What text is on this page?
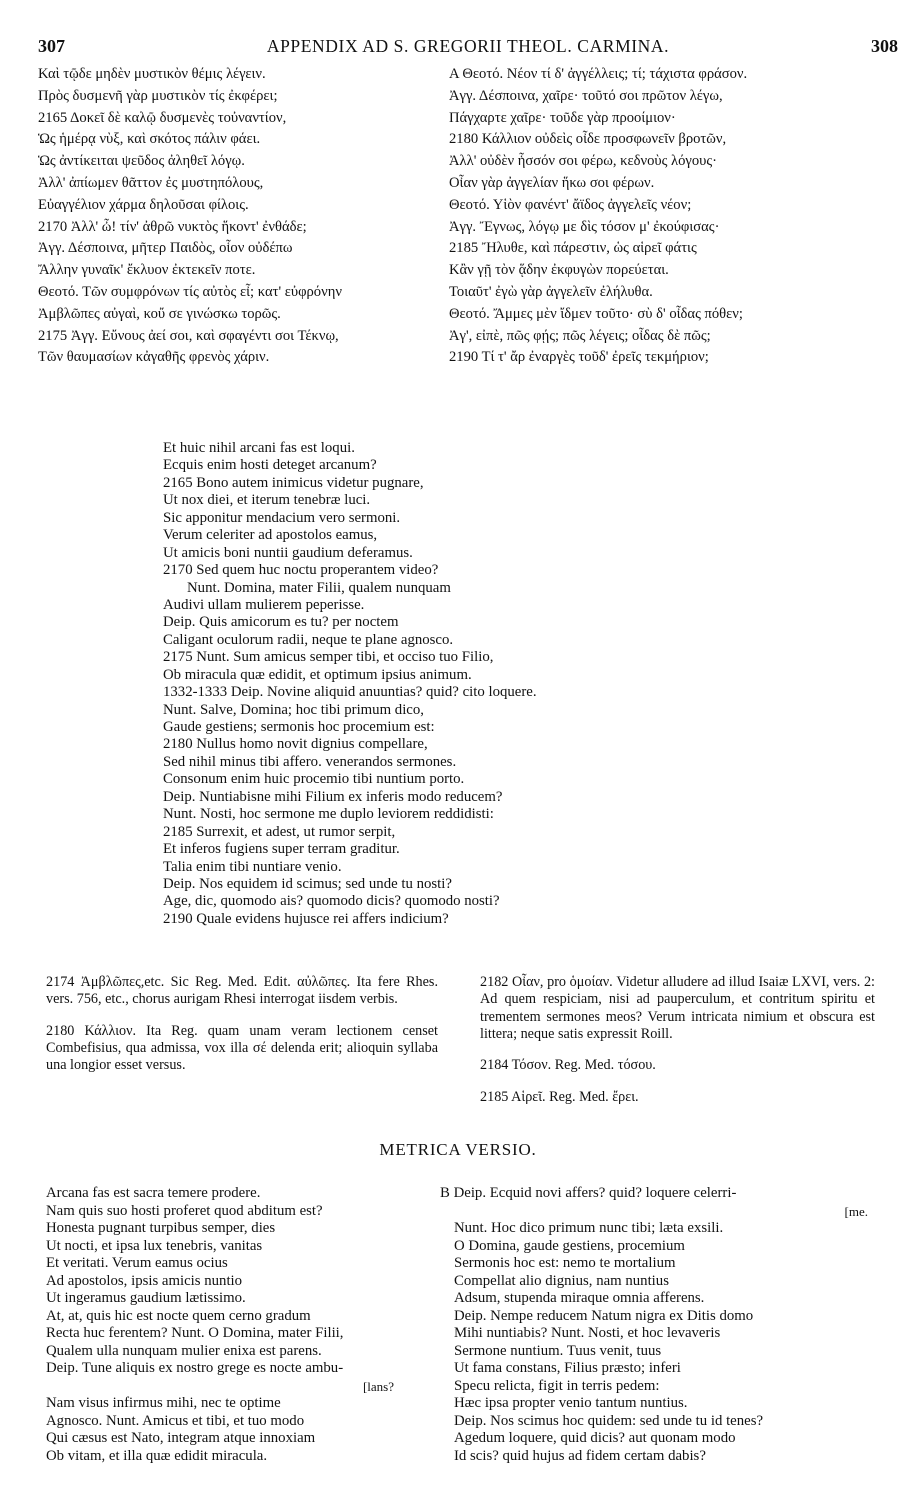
307	APPENDIX AD S. GREGORII THEOL. CARMINA.	308
Καὶ τῷδε μηδὲν μυστικὸν θέμις λέγειν.
Πρὸς δυσμενῆ γὰρ μυστικὸν τίς ἐκφέρει;
2165 Δοκεῖ δὲ καλῷ δυσμενὲς τοὐναντίον,
Ὡς ἡμέρᾳ νὺξ, καὶ σκότος πάλιν φάει.
Ὡς ἀντίκειται ψεῦδος ἀληθεῖ λόγῳ.
Ἀλλ' ἀπίωμεν θᾶττον ἐς μυστηπόλους,
Εὐαγγέλιον χάρμα δηλοῦσαι φίλοις.
2170 Ἀλλ' ὦ! τίν' ἀθρῶ νυκτὸς ἥκοντ' ἐνθάδε;
Ἀγγ. Δέσποινα, μῆτερ Παιδὸς, οἷον οὐδέπω
Ἄλλην γυναῖκ' ἔκλυον ἐκτεκεῖν ποτε.
Θεοτό. Τῶν συμφρόνων τίς αὐτὸς εἶ; κατ' εὐφρόνην
Ἀμβλῶπες αὐγαὶ, κοὔ σε γινώσκω τορῶς.
2175 Ἀγγ. Εὔνους ἀεί σοι, καὶ σφαγέντι σοι Τέκνῳ,
Τῶν θαυμασίων κἀγαθῆς φρενὸς χάριν.
A Θεοτό. Νέον τί δ' ἀγγέλλεις; τί; τάχιστα φράσον.
Ἀγγ. Δέσποινα, χαῖρε· τοῦτό σοι πρῶτον λέγω,
Πάγχαρτε χαῖρε· τοῦδε γὰρ προοίμιον·
2180 Κάλλιον οὐδεὶς οἶδε προσφωνεῖν βροτῶν,
Ἀλλ' οὐδὲν ἧσσόν σοι φέρω, κεδνοὺς λόγους·
Οἶαν γὰρ ἀγγελίαν ἥκω σοι φέρων.
Θεοτό. Υἱὸν φανέντ' ἄϊδος ἀγγελεῖς νέον;
Ἀγγ. Ἔγνως, λόγῳ με δὶς τόσον μ' ἐκούφισας·
2185 Ἤλυθε, καὶ πάρεστιν, ὡς αἱρεῖ φάτις
Κἂν γῇ τὸν ᾅδην ἐκφυγὼν πορεύεται.
Τοιαῦτ' ἐγὼ γὰρ ἀγγελεῖν ἐλήλυθα.
Θεοτό. Ἄμμες μὲν ἴδμεν τοῦτο· σὺ δ' οἶδας πόθεν;
Ἀγ', εἰπὲ, πῶς φῄς; πῶς λέγεις; οἶδας δὲ πῶς;
2190 Τί τ' ἄρ ἐναργὲς τοῦδ' ἐρεῖς τεκμήριον;
Et huic nihil arcani fas est loqui.
Ecquis enim hosti deteget arcanum?
2165 Bono autem inimicus videtur pugnare,
Ut nox diei, et iterum tenebræ luci.
Sic apponitur mendacium vero sermoni.
Verum celeriter ad apostolos eamus,
Ut amicis boni nuntii gaudium deferamus.
2170 Sed quem huc noctu properantem video?
Nunt. Domina, mater Filii, qualem nunquam
Audivi ullam mulierem peperisse.
Deip. Quis amicorum es tu? per noctem
Caligant oculorum radii, neque te plane agnosco.
2175 Nunt. Sum amicus semper tibi, et occiso tuo Filio,
Ob miracula quæ edidit, et optimum ipsius animum.
1332-1333 Deip. Novine aliquid anuuntias? quid? cito loquere.
Nunt. Salve, Domina; hoc tibi primum dico,
Gaude gestiens; sermonis hoc procemium est:
2180 Nullus homo novit dignius compellare,
Sed nihil minus tibi affero. venerandos sermones.
Consonum enim huic procemio tibi nuntium porto.
Deip. Nuntiabisne mihi Filium ex inferis modo reducem?
Nunt. Nosti, hoc sermone me duplo leviorem reddidisti:
2185 Surrexit, et adest, ut rumor serpit,
Et inferos fugiens super terram graditur.
Talia enim tibi nuntiare venio.
Deip. Nos equidem id scimus; sed unde tu nosti?
Age, dic, quomodo ais? quomodo dicis? quomodo nosti?
2190 Quale evidens hujusce rei affers indicium?

2174 Ἀμβλῶπες,etc. Sic Reg. Med. Edit. αὐλῶπες. Ita fere Rhes. vers. 756, etc., chorus aurigam Rhesi interrogat iisdem verbis.

2180 Κάλλιον. Ita Reg. quam unam veram lectionem censet Combefisius, qua admissa, vox illa σέ delenda erit; alioquin syllaba una longior esset versus.

2182 Οἶαν, pro ὁμοίαν. Videtur alludere ad illud Isaiæ LXVI, vers. 2: Ad quem respiciam, nisi ad pauperculum, et contritum spiritu et trementem sermones meos? Verum intricata nimium et obscura est littera; neque satis expressit Roill.

2184 Τόσον. Reg. Med. τόσου.

2185 Αἱρεῖ. Reg. Med. ἔρει.

METRICA VERSIO.
Arcana fas est sacra temere prodere.
Nam quis suo hosti proferet quod abditum est?
Honesta pugnant turpibus semper, dies
Ut nocti, et ipsa lux tenebris, vanitas
Et veritati. Verum eamus ocius
Ad apostolos, ipsis amicis nuntio
Ut ingeramus gaudium lætissimo.
At, at, quis hic est nocte quem cerno gradum
Recta huc ferentem? Nunt. O Domina, mater Filii,
Qualem ulla nunquam mulier enixa est parens.
Deip. Tune aliquis ex nostro grege es nocte ambu-
[lans?
Nam visus infirmus mihi, nec te optime
Agnosco. Nunt. Amicus et tibi, et tuo modo
Qui cæsus est Nato, integram atque innoxiam
Ob vitam, et illa quæ edidit miracula.
B Deip. Ecquid novi affers? quid? loquere celerri-
[me.
Nunt. Hoc dico primum nunc tibi; læta exsili.
O Domina, gaude gestiens, procemium
Sermonis hoc est: nemo te mortalium
Compellat alio dignius, nam nuntius
Adsum, stupenda miraque omnia afferens.
Deip. Nempe reducem Natum nigra ex Ditis domo
Mihi nuntiabis? Nunt. Nosti, et hoc levaveris
Sermone nuntium. Tuus venit, tuus
Ut fama constans, Filius præsto; inferi
Specu relicta, figit in terris pedem:
Hæc ipsa propter venio tantum nuntius.
Deip. Nos scimus hoc quidem: sed unde tu id tenes?
Agedum loquere, quid dicis? aut quonam modo
Id scis? quid hujus ad fidem certam dabis?
